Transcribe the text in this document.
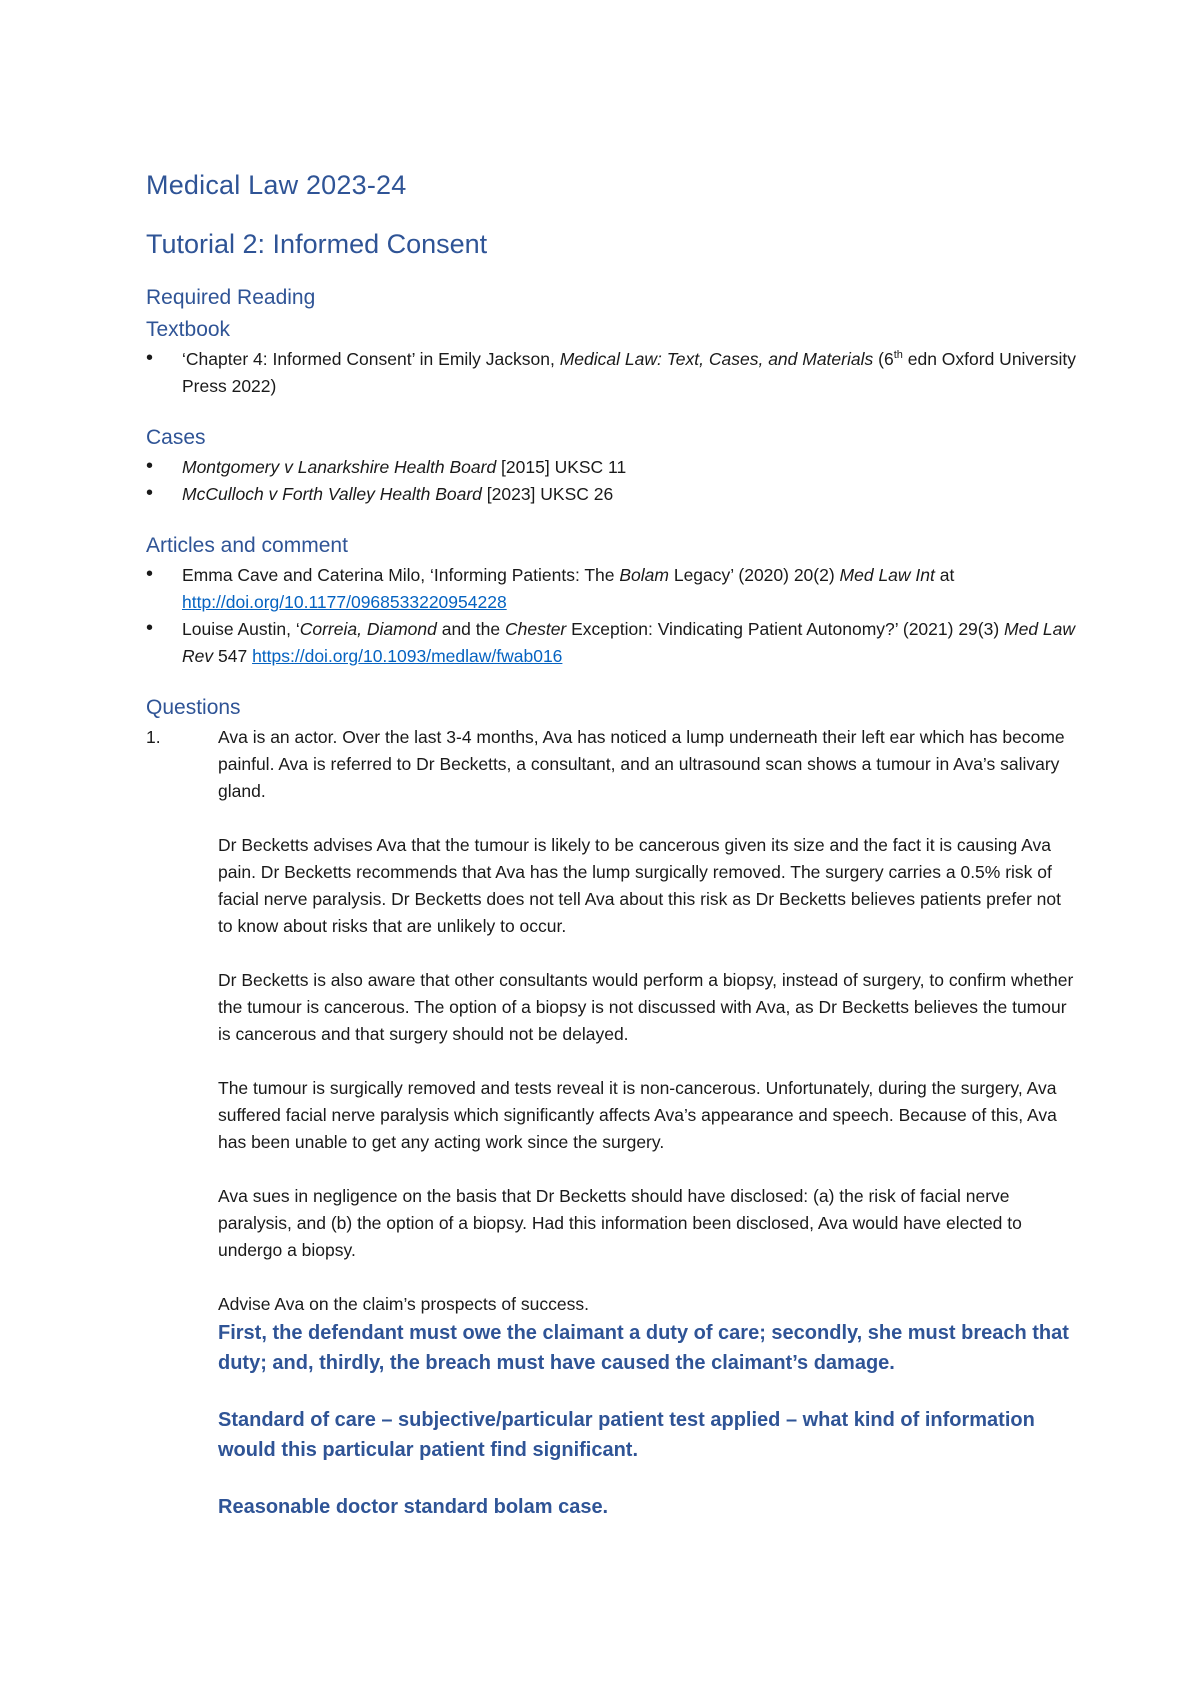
Medical Law 2023-24
Tutorial 2: Informed Consent
Required Reading
Textbook
• ‘Chapter 4: Informed Consent’ in Emily Jackson, Medical Law: Text, Cases, and Materials (6th edn Oxford University Press 2022)
Cases
• Montgomery v Lanarkshire Health Board [2015] UKSC 11
• McCulloch v Forth Valley Health Board [2023] UKSC 26
Articles and comment
• Emma Cave and Caterina Milo, ‘Informing Patients: The Bolam Legacy’ (2020) 20(2) Med Law Int at http://doi.org/10.1177/0968533220954228
• Louise Austin, ‘Correia, Diamond and the Chester Exception: Vindicating Patient Autonomy?’ (2021) 29(3) Med Law Rev 547 https://doi.org/10.1093/medlaw/fwab016
Questions
1.	Ava is an actor. Over the last 3-4 months, Ava has noticed a lump underneath their left ear which has become painful. Ava is referred to Dr Becketts, a consultant, and an ultrasound scan shows a tumour in Ava’s salivary gland.

Dr Becketts advises Ava that the tumour is likely to be cancerous given its size and the fact it is causing Ava pain. Dr Becketts recommends that Ava has the lump surgically removed. The surgery carries a 0.5% risk of facial nerve paralysis. Dr Becketts does not tell Ava about this risk as Dr Becketts believes patients prefer not to know about risks that are unlikely to occur.

Dr Becketts is also aware that other consultants would perform a biopsy, instead of surgery, to confirm whether the tumour is cancerous. The option of a biopsy is not discussed with Ava, as Dr Becketts believes the tumour is cancerous and that surgery should not be delayed.

The tumour is surgically removed and tests reveal it is non-cancerous. Unfortunately, during the surgery, Ava suffered facial nerve paralysis which significantly affects Ava’s appearance and speech. Because of this, Ava has been unable to get any acting work since the surgery.

Ava sues in negligence on the basis that Dr Becketts should have disclosed: (a) the risk of facial nerve paralysis, and (b) the option of a biopsy. Had this information been disclosed, Ava would have elected to undergo a biopsy.

Advise Ava on the claim’s prospects of success.

First, the defendant must owe the claimant a duty of care; secondly, she must breach that duty; and, thirdly, the breach must have caused the claimant’s damage.

Standard of care – subjective/particular patient test applied – what kind of information would this particular patient find significant.

Reasonable doctor standard bolam case.
